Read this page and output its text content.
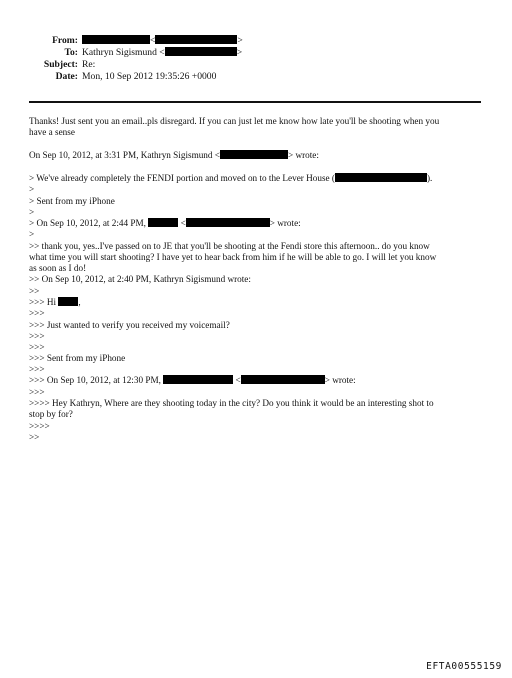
From:	<	>
To: Kathryn Sigismund <	>
Subject: Re:
Date: Mon, 10 Sep 2012 19:35:26 +0000
Thanks! Just sent you an email..pls disregard. If you can just let me know how late you'll be shooting when you
have a sense
On Sep 10, 2012, at 3:31 PM, Kathryn Sigismund <	> wrote:
> We've already completely the FENDI portion and moved on to the Lever House (	).
>
> Sent from my iPhone
>
> On Sep 10, 2012, at 2:44 PM,	<	> wrote:
>
>> thank you, yes..I've passed on to JE that you'll be shooting at the Fendi store this afternoon.. do you know
what time you will start shooting? I have yet to hear back from him if he will be able to go. I will let you know
as soon as I do!
>> On Sep 10, 2012, at 2:40 PM, Kathryn Sigismund wrote:
>>
>>> Hi ,
>>>
>>> Just wanted to verify you received my voicemail?
>>>
>>>
>>> Sent from my iPhone
>>>
>>> On Sep 10, 2012, at 12:30 PM,	<	> wrote:
>>>
>>>> Hey Kathryn, Where are they shooting today in the city? Do you think it would be an interesting shot to
stop by for?
>>>>
>>
EFTA00555159
